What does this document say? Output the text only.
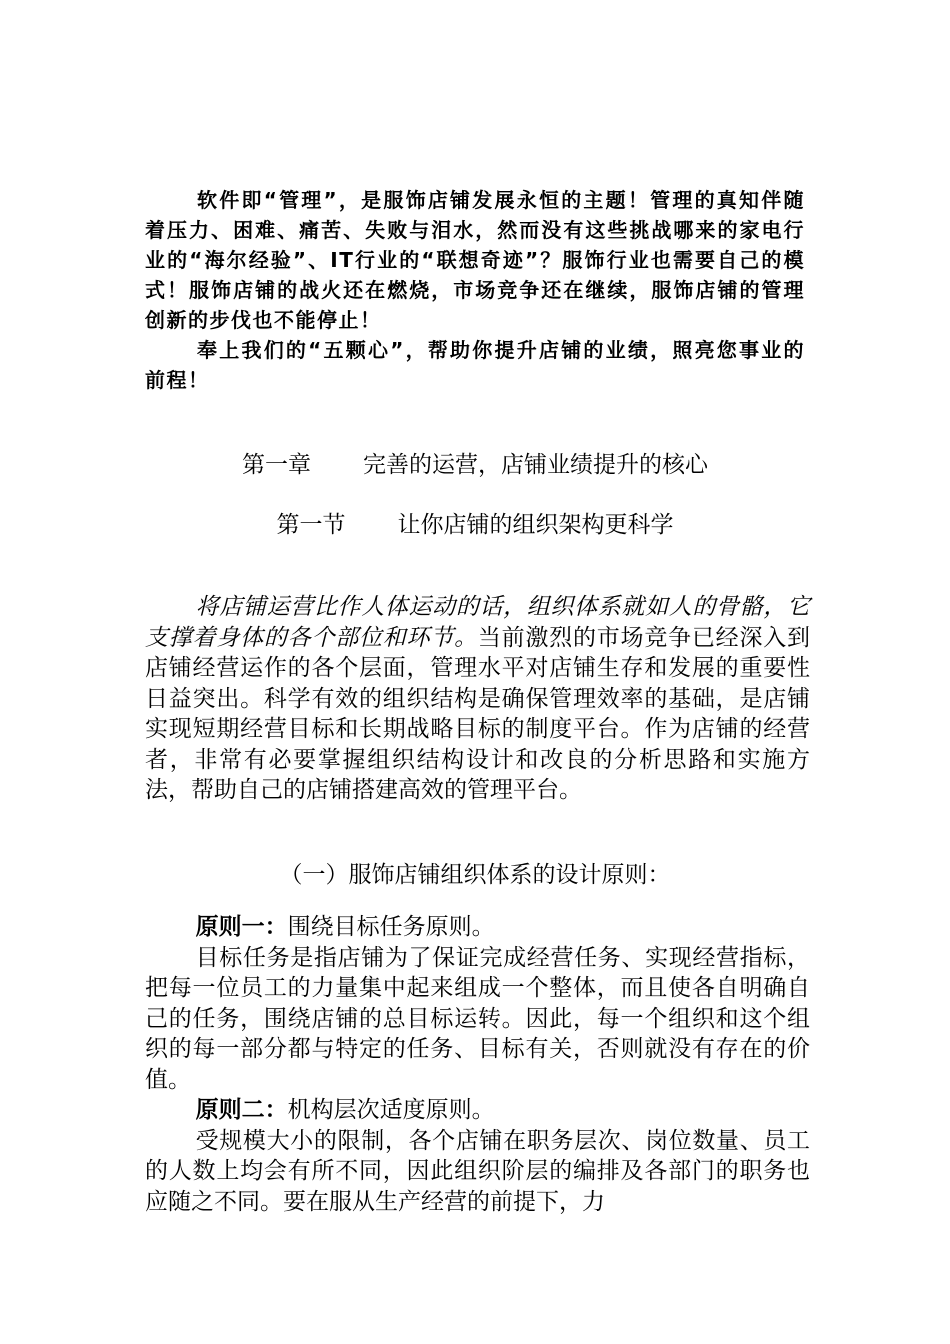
软件即“管理”，是服饰店铺发展永恒的主题！管理的真知伴随着压力、困难、痛苦、失败与泪水，然而没有这些挑战哪来的家电行业的“海尔经验”、IT行业的“联想奇迹”？服饰行业也需要自己的模式！服饰店铺的战火还在燃烧，市场竞争还在继续，服饰店铺的管理创新的步伐也不能停止！

奉上我们的“五颗心”，帮助你提升店铺的业绩，照亮您事业的前程！

第一章 完善的运营，店铺业绩提升的核心
第一节 让你店铺的组织架构更科学

将店铺运营比作人体运动的话，组织体系就如人的骨骼，它支撑着身体的各个部位和环节。当前激烈的市场竞争已经深入到店铺经营运作的各个层面，管理水平对店铺生存和发展的重要性日益突出。科学有效的组织结构是确保管理效率的基础，是店铺实现短期经营目标和长期战略目标的制度平台。作为店铺的经营者，非常有必要掌握组织结构设计和改良的分析思路和实施方法，帮助自己的店铺搭建高效的管理平台。

（一）服饰店铺组织体系的设计原则：

原则一：围绕目标任务原则。

目标任务是指店铺为了保证完成经营任务、实现经营指标，把每一位员工的力量集中起来组成一个整体，而且使各自明确自己的任务，围绕店铺的总目标运转。因此，每一个组织和这个组织的每一部分都与特定的任务、目标有关，否则就没有存在的价值。

原则二：机构层次适度原则。

受规模大小的限制，各个店铺在职务层次、岗位数量、员工的人数上均会有所不同，因此组织阶层的编排及各部门的职务也应随之不同。要在服从生产经营的前提下，力
